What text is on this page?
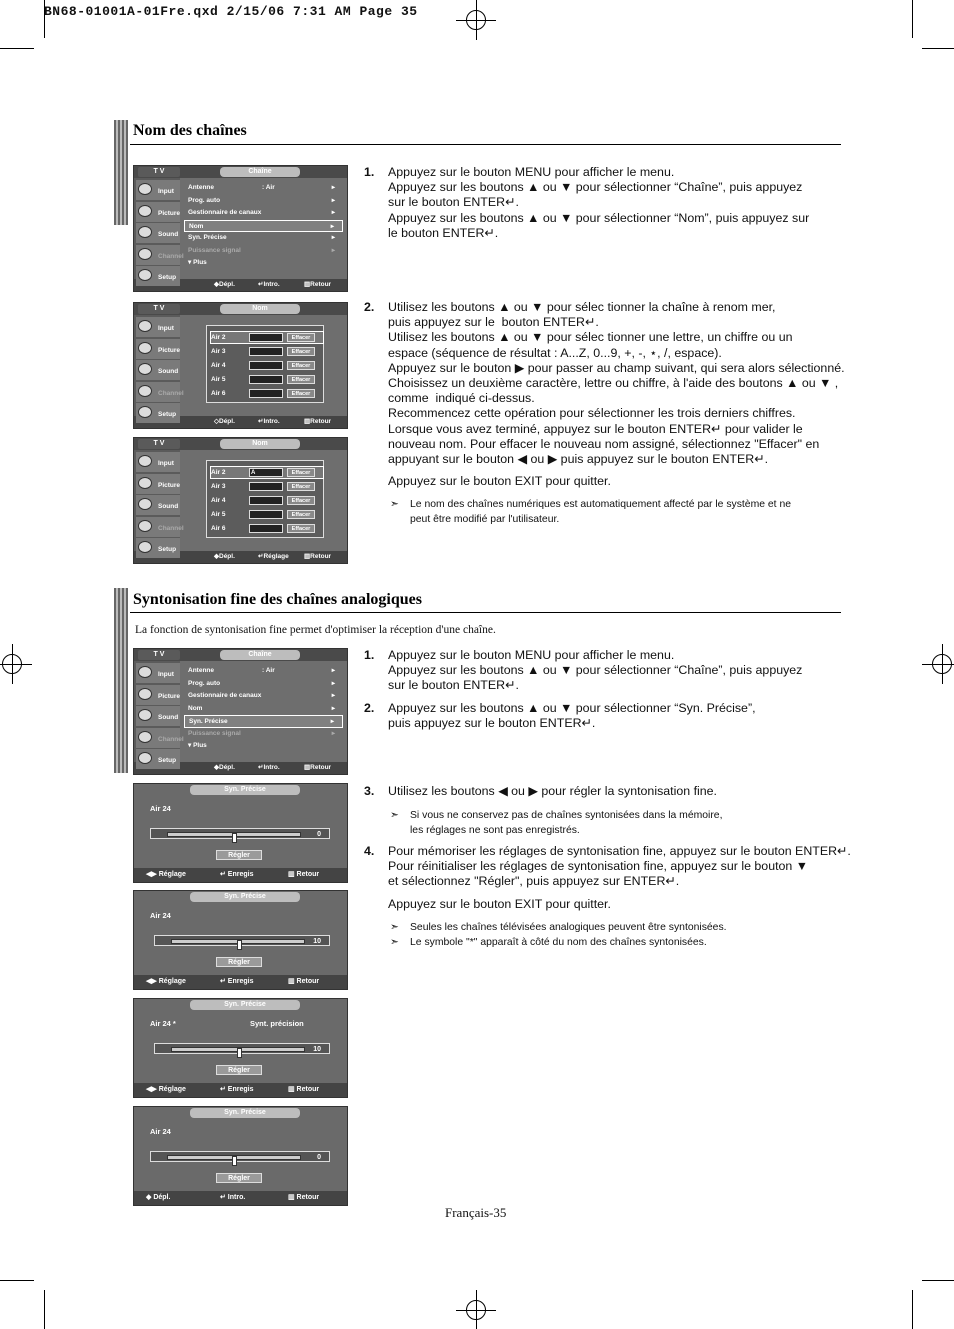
BN68-01001A-01Fre.qxd 2/15/06 7:31 AM Page 35
Nom des chaînes
T V	Chaîne
Antenne	: Air	▸
Prog. auto	▸
Gestionnaire de canaux	▸
Nom	▸
Syn. Précise	▸
Puissance signal	▸
▾ Plus
◆Dépl.	↵Intro.	▥Retour
Input
Picture
Sound
Channel
Setup
T V	Nom
Air 2	Effacer
Air 3	Effacer
Air 4	Effacer
Air 5	Effacer
Air 6	Effacer
◇Dépl.	↵Intro.	▥Retour
Input
Picture
Sound
Channel
Setup
T V	Nom
Air 2	A	Effacer
Air 3	Effacer
Air 4	Effacer
Air 5	Effacer
Air 6	Effacer
◆Dépl.	↵Réglage ▥Retour
Input
Picture
Sound
Channel
Setup
1. Appuyez sur le bouton MENU pour afficher le menu.
Appuyez sur les boutons ▲ ou ▼ pour sélectionner “Chaîne”, puis appuyez
sur le bouton ENTER↵.
Appuyez sur les boutons ▲ ou ▼ pour sélectionner “Nom”, puis appuyez sur
le bouton ENTER↵.
2. Utilisez les boutons ▲ ou ▼ pour sélec tionner la chaîne à renom mer,
puis appuyez sur le  bouton ENTER↵.
Utilisez les boutons ▲ ou ▼ pour sélec tionner une lettre, un chiffre ou un
espace (séquence de résultat : A...Z, 0...9, +, -, ⋆, /, espace).
Appuyez sur le bouton ▶ pour passer au champ suivant, qui sera alors sélectionné.
Choisissez un deuxième caractère, lettre ou chiffre, à l'aide des boutons ▲ ou ▼ ,
comme  indiqué ci-dessus.
Recommencez cette opération pour sélectionner les trois derniers chiffres.
Lorsque vous avez terminé, appuyez sur le bouton ENTER↵ pour valider le
nouveau nom. Pour effacer le nouveau nom assigné, sélectionnez "Effacer" en
appuyant sur le bouton ◀ ou ▶ puis appuyez sur le bouton ENTER↵.
Appuyez sur le bouton EXIT pour quitter.
➣ Le nom des chaînes numériques est automatiquement affecté par le système et ne
peut être modifié par l'utilisateur.
Syntonisation fine des chaînes analogiques
La fonction de syntonisation fine permet d'optimiser la réception d'une chaîne.
T V	Chaîne
Antenne	: Air	▸
Prog. auto	▸
Gestionnaire de canaux	▸
Nom	▸
Syn. Précise	▸
Puissance signal	▸
▾ Plus
◆Dépl.	↵Intro.	▥Retour
Input
Picture
Sound
Channel
Setup
Syn. Précise
Air 24
0
Régler
◀▶ Réglage	↵ Enregis	▥ Retour
Syn. Précise
Air 24
10
Régler
◀▶ Réglage	↵ Enregis	▥ Retour
Syn. Précise
Air 24 *	Synt. précision
10
Régler
◀▶ Réglage	↵ Enregis	▥ Retour
Syn. Précise
Air 24
0
Régler
◆ Dépl.	↵ Intro.	▥ Retour
1. Appuyez sur le bouton MENU pour afficher le menu.
Appuyez sur les boutons ▲ ou ▼ pour sélectionner “Chaîne”, puis appuyez
sur le bouton ENTER↵.
2. Appuyez sur les boutons ▲ ou ▼ pour sélectionner “Syn. Précise”,
puis appuyez sur le bouton ENTER↵.
3. Utilisez les boutons ◀ ou ▶ pour régler la syntonisation fine.
➣ Si vous ne conservez pas de chaînes syntonisées dans la mémoire,
les réglages ne sont pas enregistrés.
4. Pour mémoriser les réglages de syntonisation fine, appuyez sur le bouton ENTER↵.
Pour réinitialiser les réglages de syntonisation fine, appuyez sur le bouton ▼
et sélectionnez "Régler", puis appuyez sur ENTER↵.
Appuyez sur le bouton EXIT pour quitter.
➣ Seules les chaînes télévisées analogiques peuvent être syntonisées.
➣ Le symbole "*" apparaît à côté du nom des chaînes syntonisées.
Français-35
